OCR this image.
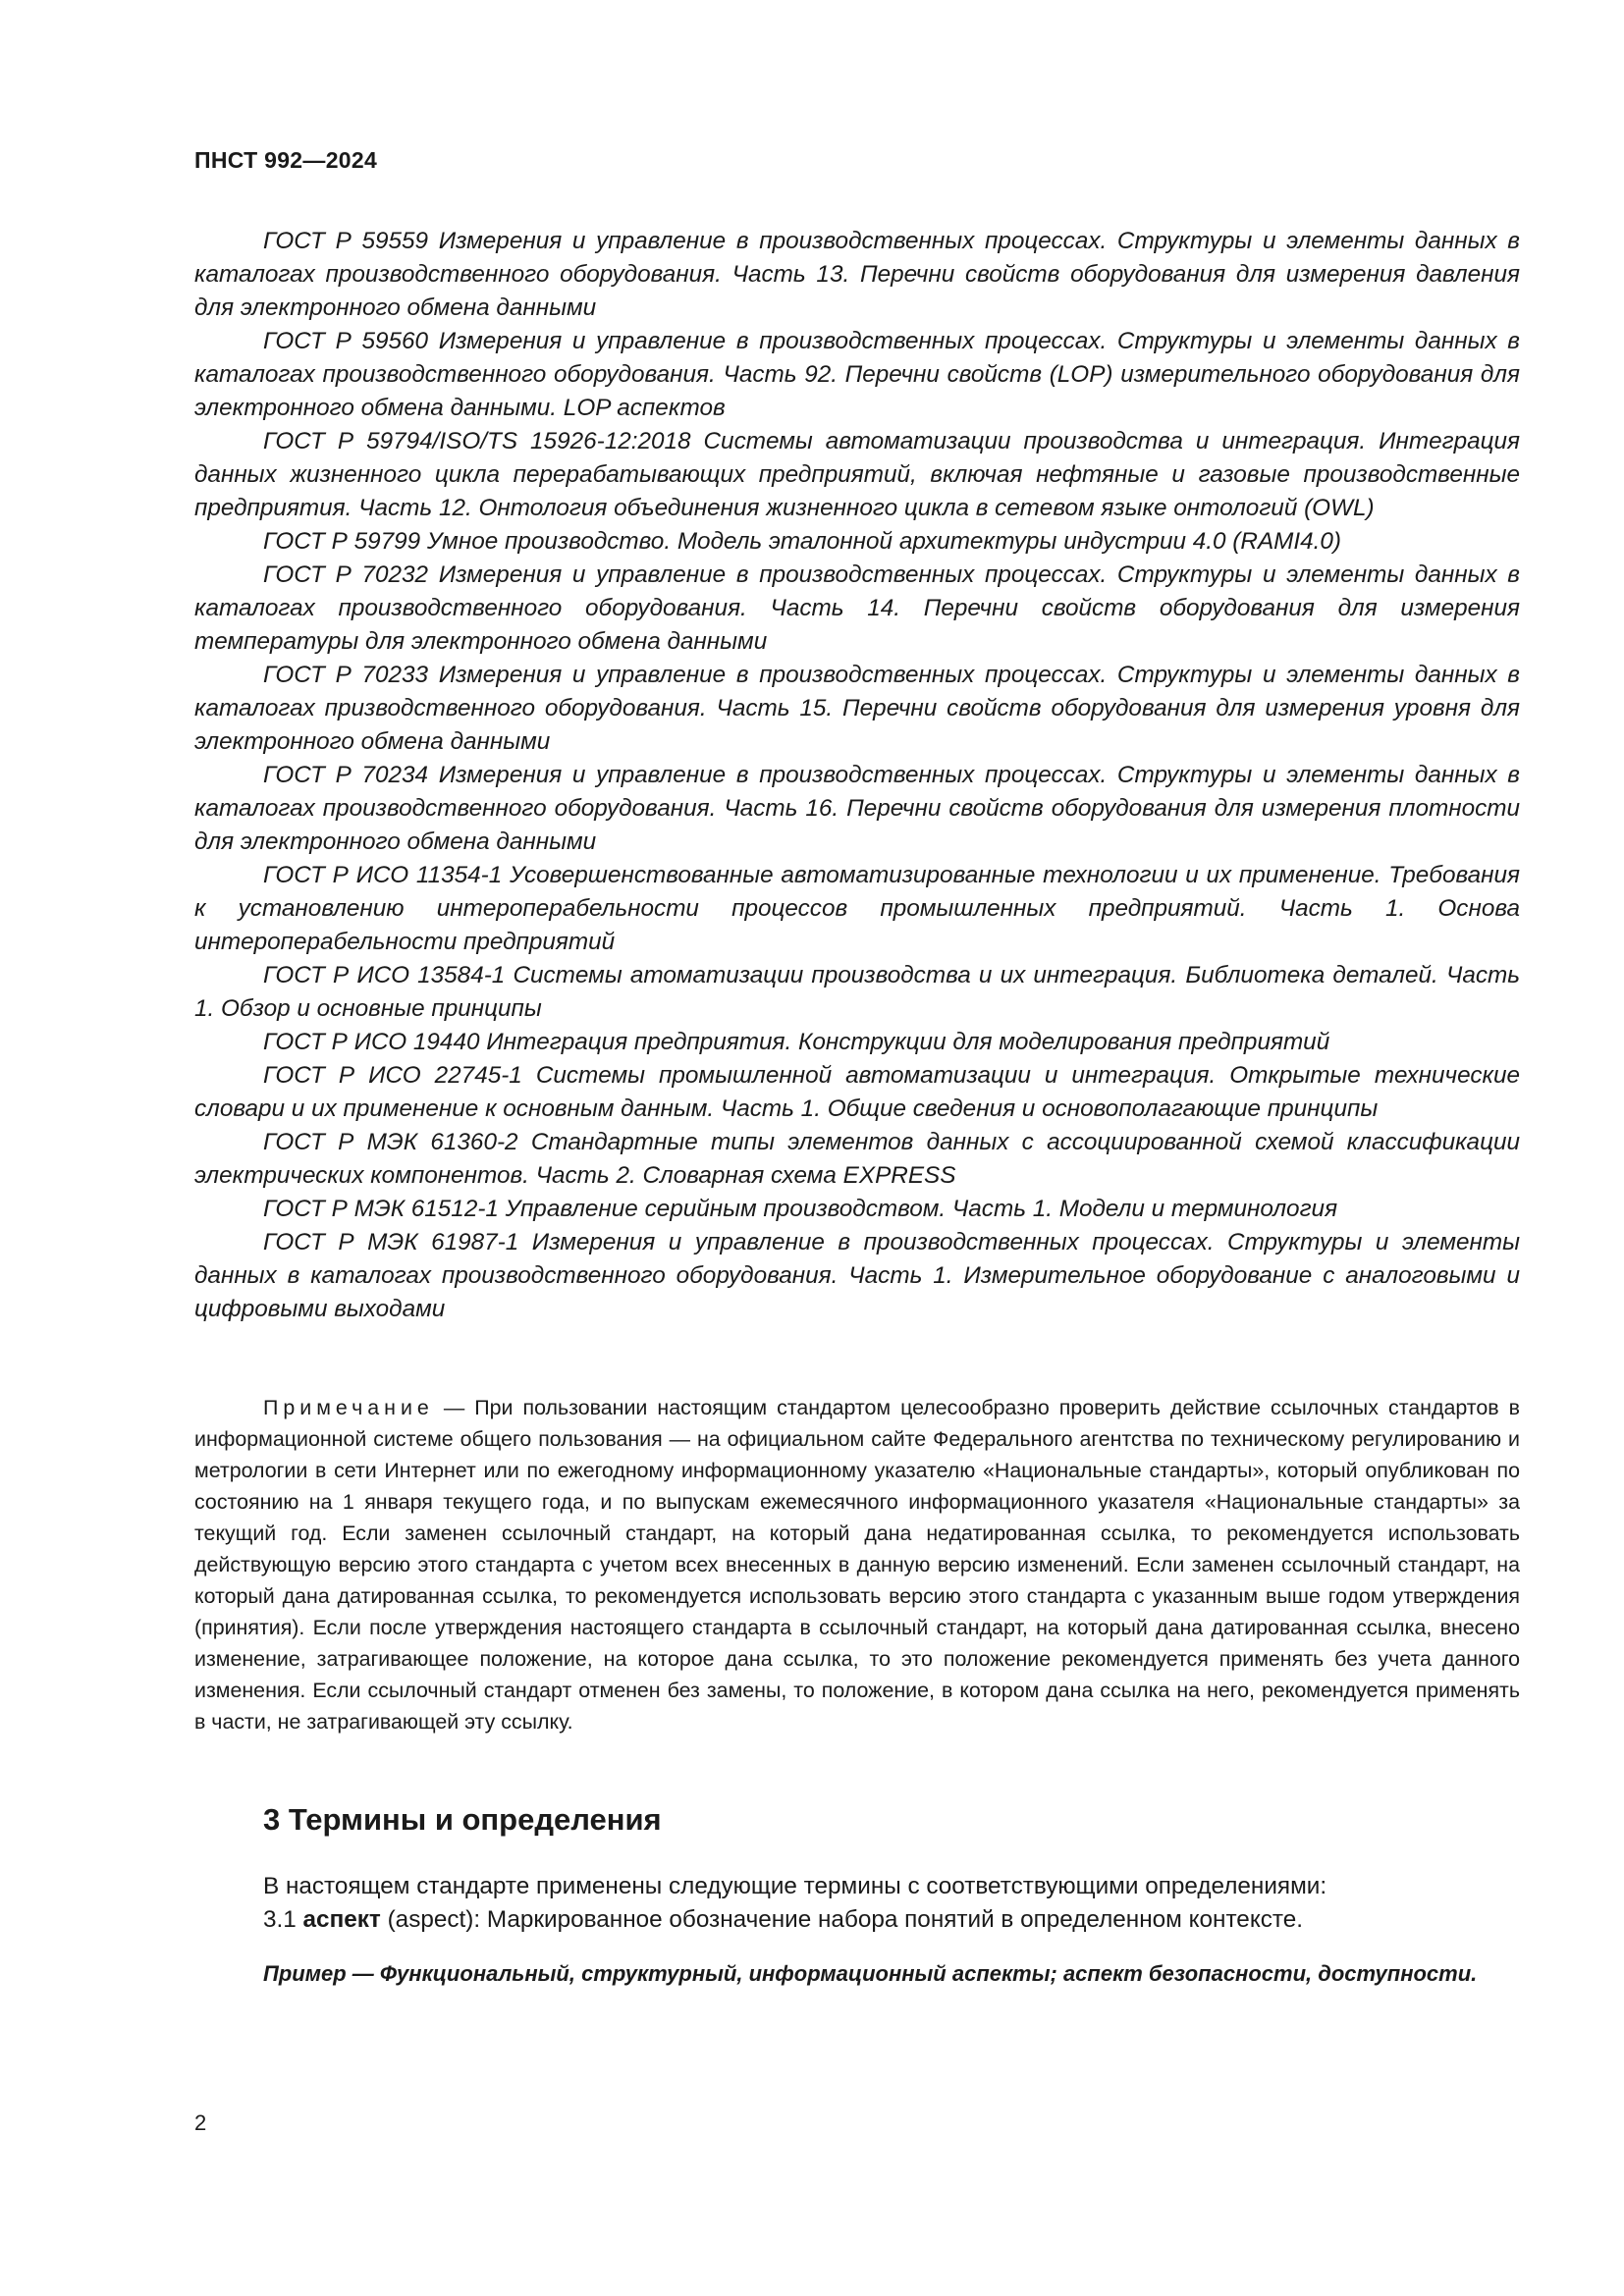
ПНСТ 992—2024

ГОСТ Р 59559 Измерения и управление в производственных процессах. Структуры и элементы данных в каталогах производственного оборудования. Часть 13. Перечни свойств оборудования для измерения давления для электронного обмена данными

ГОСТ Р 59560 Измерения и управление в производственных процессах. Структуры и элементы данных в каталогах производственного оборудования. Часть 92. Перечни свойств (LOP) измерительного оборудования для электронного обмена данными. LOP аспектов

ГОСТ Р 59794/ISO/TS 15926-12:2018 Системы автоматизации производства и интеграция. Интеграция данных жизненного цикла перерабатывающих предприятий, включая нефтяные и газовые производственные предприятия. Часть 12. Онтология объединения жизненного цикла в сетевом языке онтологий (OWL)

ГОСТ Р 59799 Умное производство. Модель эталонной архитектуры индустрии 4.0 (RAMI4.0)

ГОСТ Р 70232 Измерения и управление в производственных процессах. Структуры и элементы данных в каталогах производственного оборудования. Часть 14. Перечни свойств оборудования для измерения температуры для электронного обмена данными

ГОСТ Р 70233 Измерения и управление в производственных процессах. Структуры и элементы данных в каталогах призводственного оборудования. Часть 15. Перечни свойств оборудования для измерения уровня для электронного обмена данными

ГОСТ Р 70234 Измерения и управление в производственных процессах. Структуры и элементы данных в каталогах производственного оборудования. Часть 16. Перечни свойств оборудования для измерения плотности для электронного обмена данными

ГОСТ Р ИСО 11354-1 Усовершенствованные автоматизированные технологии и их применение. Требования к установлению интероперабельности процессов промышленных предприятий. Часть 1. Основа интероперабельности предприятий

ГОСТ Р ИСО 13584-1 Системы атоматизации производства и их интеграция. Библиотека деталей. Часть 1. Обзор и основные принципы

ГОСТ Р ИСО 19440 Интеграция предприятия. Конструкции для моделирования предприятий

ГОСТ Р ИСО 22745-1 Системы промышленной автоматизации и интеграция. Открытые технические словари и их применение к основным данным. Часть 1. Общие сведения и основополагающие принципы

ГОСТ Р МЭК 61360-2 Стандартные типы элементов данных с ассоциированной схемой классификации электрических компонентов. Часть 2. Словарная схема EXPRESS

ГОСТ Р МЭК 61512-1 Управление серийным производством. Часть 1. Модели и терминология

ГОСТ Р МЭК 61987-1 Измерения и управление в производственных процессах. Структуры и элементы данных в каталогах производственного оборудования. Часть 1. Измерительное оборудование с аналоговыми и цифровыми выходами

Примечание — При пользовании настоящим стандартом целесообразно проверить действие ссылочных стандартов в информационной системе общего пользования — на официальном сайте Федерального агентства по техническому регулированию и метрологии в сети Интернет или по ежегодному информационному указателю «Национальные стандарты», который опубликован по состоянию на 1 января текущего года, и по выпускам ежемесячного информационного указателя «Национальные стандарты» за текущий год. Если заменен ссылочный стандарт, на который дана недатированная ссылка, то рекомендуется использовать действующую версию этого стандарта с учетом всех внесенных в данную версию изменений. Если заменен ссылочный стандарт, на который дана датированная ссылка, то рекомендуется использовать версию этого стандарта с указанным выше годом утверждения (принятия). Если после утверждения настоящего стандарта в ссылочный стандарт, на который дана датированная ссылка, внесено изменение, затрагивающее положение, на которое дана ссылка, то это положение рекомендуется применять без учета данного изменения. Если ссылочный стандарт отменен без замены, то положение, в котором дана ссылка на него, рекомендуется применять в части, не затрагивающей эту ссылку.

3 Термины и определения

В настоящем стандарте применены следующие термины с соответствующими определениями:

3.1 аспект (aspect): Маркированное обозначение набора понятий в определенном контексте.

Пример — Функциональный, структурный, информационный аспекты; аспект безопасности, доступности.

2
